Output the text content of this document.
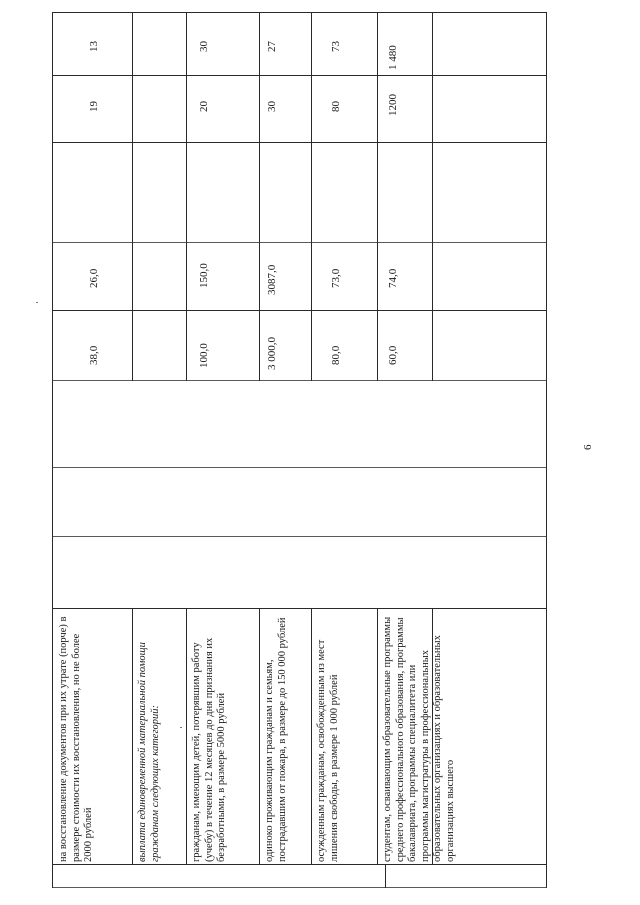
на восстановление документов при их утрате (порче) в размере стоимости их восстановления, но не более 2000 рублей
38,0
26,0
19
13
выплата единовременной материальной помощи гражданам следующих категорий:	гражданам, имеющим детей, потерявшим работу (учебу) в течение 12 месяцев до дня признания их безработными, в размере 5000 рублей
100,0
150,0
20
30
одиноко проживающим гражданам и семьям, пострадавшим от пожара, в размере до 150 000 рублей
3 000,0
3087,0
30
27
осужденным гражданам, освобожденным из мест лишения свободы, в размере 1 000 рублей
80,0
73,0
80
73
студентам, осваивающим образовательные программы среднего профессионального образования, программы бакалавриата, программы специалитета или программы магистратуры в профессиональных образовательных организациях и образовательных организациях высшего
60,0
74,0
1200
1 480
6
